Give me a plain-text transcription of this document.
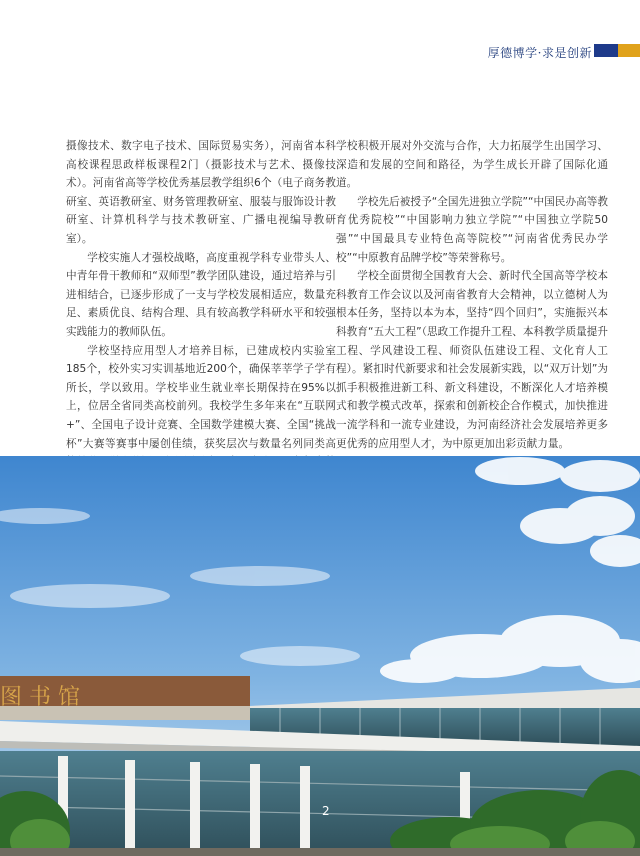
厚德博学·求是创新

摄像技术、数字电子技术、国际贸易实务），河南省本科高校课程思政样板课程2门（摄影技术与艺术、摄像技术）。河南省高等学校优秀基层教学组织6个（电子商务教研室、英语教研室、财务管理教研室、服装与服饰设计教研室、计算机科学与技术教研室、广播电视编导教研室）。

学校实施人才强校战略，高度重视学科专业带头人、中青年骨干教师和“双师型”教学团队建设，通过培养与引进相结合，已逐步形成了一支与学校发展相适应，数量充足、素质优良、结构合理、具有较高教学科研水平和较强实践能力的教师队伍。

学校坚持应用型人才培养目标，已建成校内实验室185个，校外实习实训基地近200个，确保莘莘学子学有所长，学以致用。学校毕业生就业率长期保持在95%以上，位居全省同类高校前列。我校学生多年来在“互联网+”、全国电子设计竞赛、全国数学建模大赛、全国“挑战杯”大赛等赛事中屡创佳绩，获奖层次与数量名列同类高

学校积极开展对外交流与合作，大力拓展学生出国学习、深造和发展的空间和路径，为学生成长开辟了国际化通道。

学校先后被授予“全国先进独立学院”“中国民办高等教育优秀院校”“中国影响力独立学院”“中国独立学院50强”“中国最具专业特色高等院校”“河南省优秀民办学校”“中原教育品牌学校”等荣誉称号。

学校全面贯彻全国教育大会、新时代全国高等学校本科教育工作会议以及河南省教育大会精神，以立德树人为根本任务，坚持以本为本，坚持“四个回归”，实施振兴本科教育“五大工程”（思政工作提升工程、本科教学质量提升工程、学风建设工程、师资队伍建设工程、文化育人工程）。紧扣时代新要求和社会发展新实践，以“双万计划”为抓手积极推进新工科、新文科建设，不断深化人才培养模式和教学模式改革，探索和创新校企合作模式，加快推进一流学科和一流专业建设，为河南经济社会发展培养更多更优秀的应用型人才，为中原更加出彩贡献力量。

图 书 馆
2
